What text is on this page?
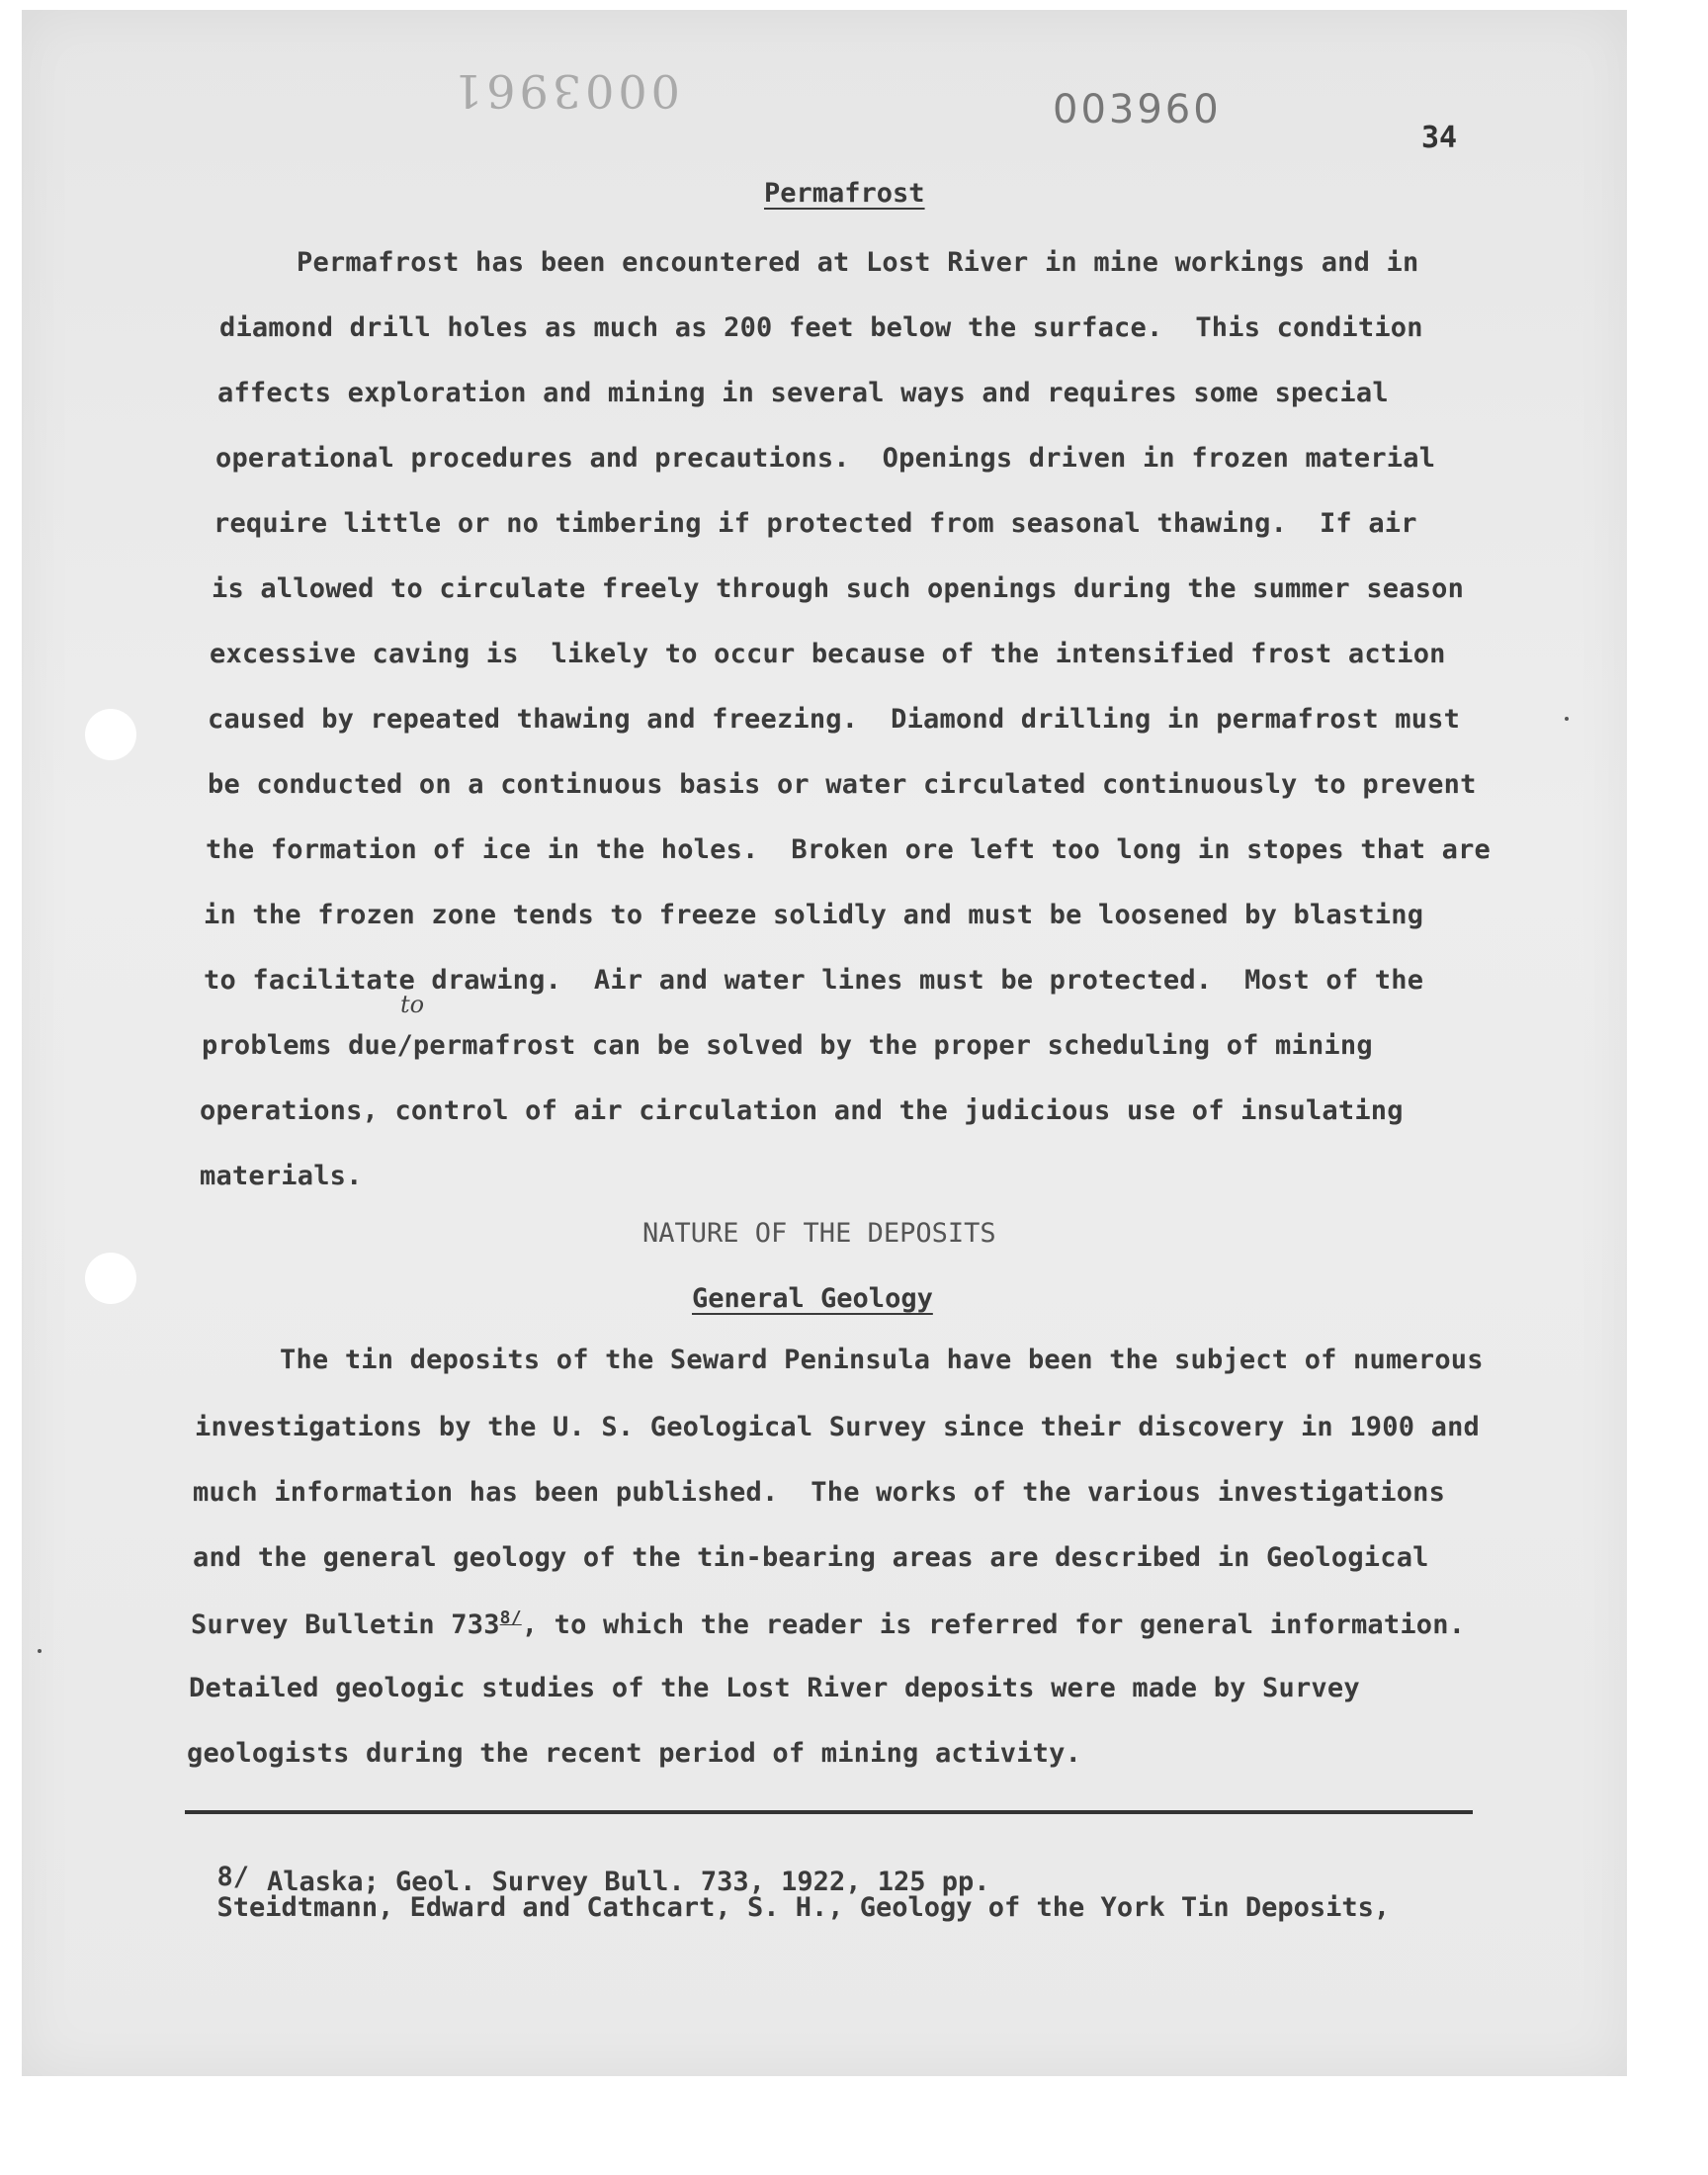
0003961	003960
34
Permafrost
Permafrost has been encountered at Lost River in mine workings and in
diamond drill holes as much as 200 feet below the surface.  This condition
affects exploration and mining in several ways and requires some special
operational procedures and precautions.  Openings driven in frozen material
require little or no timbering if protected from seasonal thawing.  If air
is allowed to circulate freely through such openings during the summer season
excessive caving is  likely to occur because of the intensified frost action
caused by repeated thawing and freezing.  Diamond drilling in permafrost must
be conducted on a continuous basis or water circulated continuously to prevent
the formation of ice in the holes.  Broken ore left too long in stopes that are
in the frozen zone tends to freeze solidly and must be loosened by blasting
to facilitate drawing.  Air and water lines must be protected.  Most of the
problems due/permafrost can be solved by the proper scheduling of mining
operations, control of air circulation and the judicious use of insulating
materials.
to
NATURE OF THE DEPOSITS
General Geology
The tin deposits of the Seward Peninsula have been the subject of numerous
investigations by the U. S. Geological Survey since their discovery in 1900 and
much information has been published.  The works of the various investigations
and the general geology of the tin-bearing areas are described in Geological
Survey Bulletin $733^{8/}$, to which the reader is referred for general information.
Detailed geologic studies of the Lost River deposits were made by Survey
geologists during the recent period of mining activity.

8/
Steidtmann, Edward and Cathcart, S. H., Geology of the York Tin Deposits,

Alaska; Geol. Survey Bull. 733, 1922, 125 pp.
